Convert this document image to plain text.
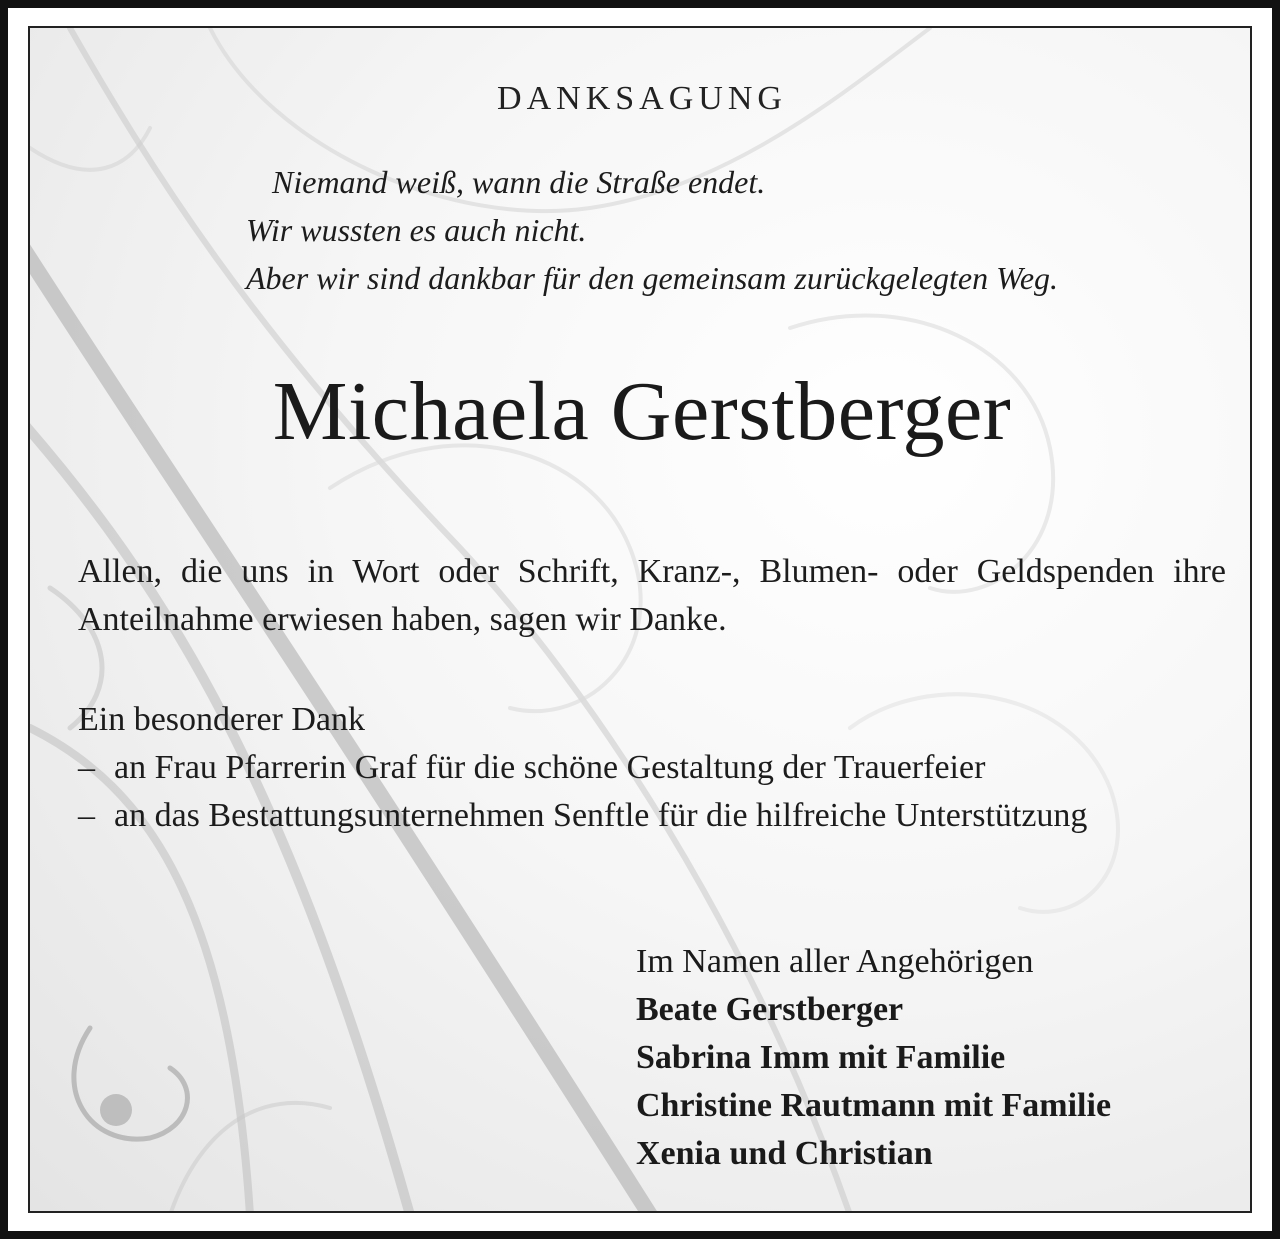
DANKSAGUNG
Niemand weiß, wann die Straße endet.
Wir wussten es auch nicht.
Aber wir sind dankbar für den gemeinsam zurückgelegten Weg.
Michaela Gerstberger
Allen, die uns in Wort oder Schrift, Kranz-, Blumen- oder Geldspenden ihre Anteilnahme erwiesen haben, sagen wir Danke.
Ein besonderer Dank
– an Frau Pfarrerin Graf für die schöne Gestaltung der Trauerfeier
– an das Bestattungsunternehmen Senftle für die hilfreiche Unterstützung
Im Namen aller Angehörigen
Beate Gerstberger
Sabrina Imm mit Familie
Christine Rautmann mit Familie
Xenia und Christian
